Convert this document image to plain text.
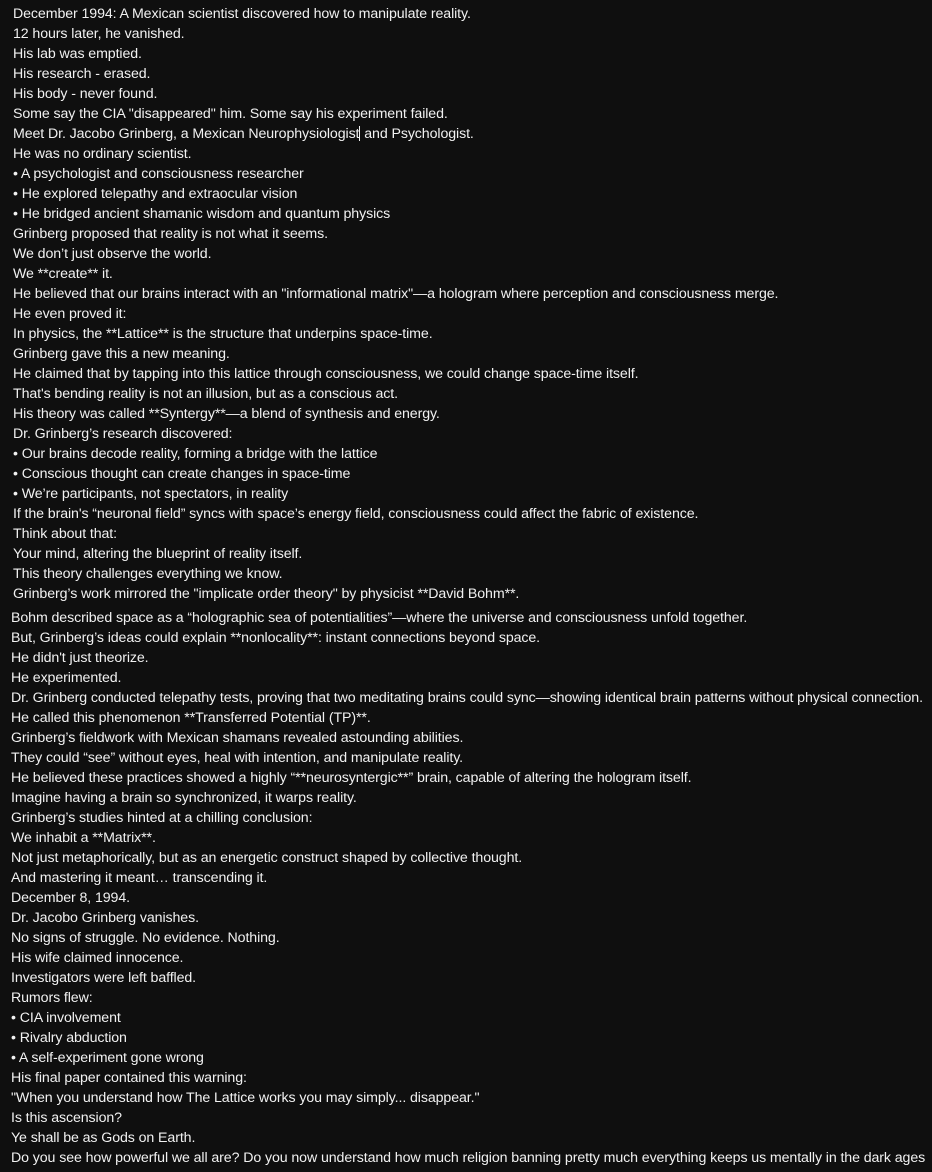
December 1994: A Mexican scientist discovered how to manipulate reality.
12 hours later, he vanished.
His lab was emptied.
His research - erased.
His body - never found.
Some say the CIA "disappeared" him. Some say his experiment failed.
Meet Dr. Jacobo Grinberg, a Mexican Neurophysiologist and Psychologist.
He was no ordinary scientist.
• A psychologist and consciousness researcher
• He explored telepathy and extraocular vision
• He bridged ancient shamanic wisdom and quantum physics
Grinberg proposed that reality is not what it seems.
We don’t just observe the world.
We **create** it.
He believed that our brains interact with an "informational matrix"—a hologram where perception and consciousness merge.
He even proved it:
In physics, the **Lattice** is the structure that underpins space-time.
Grinberg gave this a new meaning.
He claimed that by tapping into this lattice through consciousness, we could change space-time itself.
That's bending reality is not an illusion, but as a conscious act.
His theory was called **Syntergy**—a blend of synthesis and energy.
Dr. Grinberg’s research discovered:
• Our brains decode reality, forming a bridge with the lattice
• Conscious thought can create changes in space-time
• We’re participants, not spectators, in reality
If the brain's “neuronal field” syncs with space’s energy field, consciousness could affect the fabric of existence.
Think about that:
Your mind, altering the blueprint of reality itself.
This theory challenges everything we know.
Grinberg’s work mirrored the "implicate order theory" by physicist **David Bohm**.
Bohm described space as a “holographic sea of potentialities”—where the universe and consciousness unfold together.
But, Grinberg’s ideas could explain **nonlocality**: instant connections beyond space.
He didn't just theorize.
He experimented.
Dr. Grinberg conducted telepathy tests, proving that two meditating brains could sync—showing identical brain patterns without physical connection.
He called this phenomenon **Transferred Potential (TP)**.
Grinberg’s fieldwork with Mexican shamans revealed astounding abilities.
They could “see” without eyes, heal with intention, and manipulate reality.
He believed these practices showed a highly “**neurosyntergic**” brain, capable of altering the hologram itself.
Imagine having a brain so synchronized, it warps reality.
Grinberg’s studies hinted at a chilling conclusion:
We inhabit a **Matrix**.
Not just metaphorically, but as an energetic construct shaped by collective thought.
And mastering it meant… transcending it.
December 8, 1994.
Dr. Jacobo Grinberg vanishes.
No signs of struggle. No evidence. Nothing.
His wife claimed innocence.
Investigators were left baffled.
Rumors flew:
• CIA involvement
• Rivalry abduction
• A self-experiment gone wrong
His final paper contained this warning:
"When you understand how The Lattice works you may simply... disappear."
Is this ascension?
Ye shall be as Gods on Earth.
Do you see how powerful we all are? Do you now understand how much religion banning pretty much everything keeps us mentally in the dark ages
